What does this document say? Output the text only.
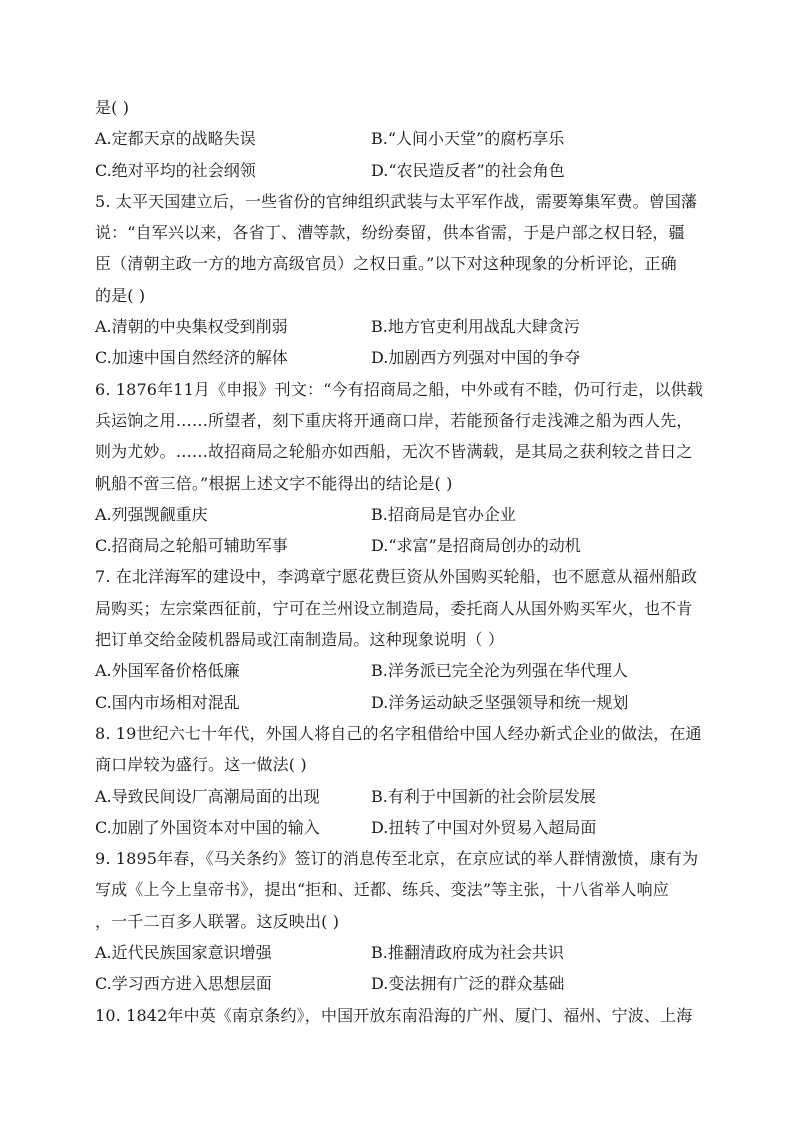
是( )
A.定都天京的战略失误	B.“人间小天堂”的腐朽享乐
C.绝对平均的社会纲领	D.“农民造反者”的社会角色
5. 太平天国建立后，一些省份的官绅组织武装与太平军作战，需要筹集军费。曾国藩
说：“自军兴以来，各省丁、漕等款，纷纷奏留，供本省需，于是户部之权日轻，疆
臣（清朝主政一方的地方高级官员）之权日重。”以下对这种现象的分析评论，正确
的是( )
A.清朝的中央集权受到削弱	B.地方官吏利用战乱大肆贪污
C.加速中国自然经济的解体	D.加剧西方列强对中国的争夺
6. 1876年11月《申报》刊文：“今有招商局之船，中外或有不睦，仍可行走，以供载
兵运饷之用……所望者，刻下重庆将开通商口岸，若能预备行走浅滩之船为西人先，
则为尤妙。……故招商局之轮船亦如西船，无次不皆满载，是其局之获利较之昔日之
帆船不啻三倍。”根据上述文字不能得出的结论是( )
A.列强觊觎重庆	B.招商局是官办企业
C.招商局之轮船可辅助军事	D.“求富”是招商局创办的动机
7. 在北洋海军的建设中，李鸿章宁愿花费巨资从外国购买轮船，也不愿意从福州船政
局购买；左宗棠西征前，宁可在兰州设立制造局，委托商人从国外购买军火，也不肯
把订单交给金陵机器局或江南制造局。这种现象说明（ ）
A.外国军备价格低廉	B.洋务派已完全沦为列强在华代理人
C.国内市场相对混乱	D.洋务运动缺乏坚强领导和统一规划
8. 19世纪六七十年代，外国人将自己的名字租借给中国人经办新式企业的做法，在通
商口岸较为盛行。这一做法( )
A.导致民间设厂高潮局面的出现	B.有利于中国新的社会阶层发展
C.加剧了外国资本对中国的输入	D.扭转了中国对外贸易入超局面
9. 1895年春，《马关条约》签订的消息传至北京，在京应试的举人群情激愤，康有为
写成《上今上皇帝书》，提出“拒和、迁都、练兵、变法”等主张，十八省举人响应
，一千二百多人联署。这反映出( )
A.近代民族国家意识增强	B.推翻清政府成为社会共识
C.学习西方进入思想层面	D.变法拥有广泛的群众基础
10. 1842年中英《南京条约》，中国开放东南沿海的广州、厦门、福州、宁波、上海
